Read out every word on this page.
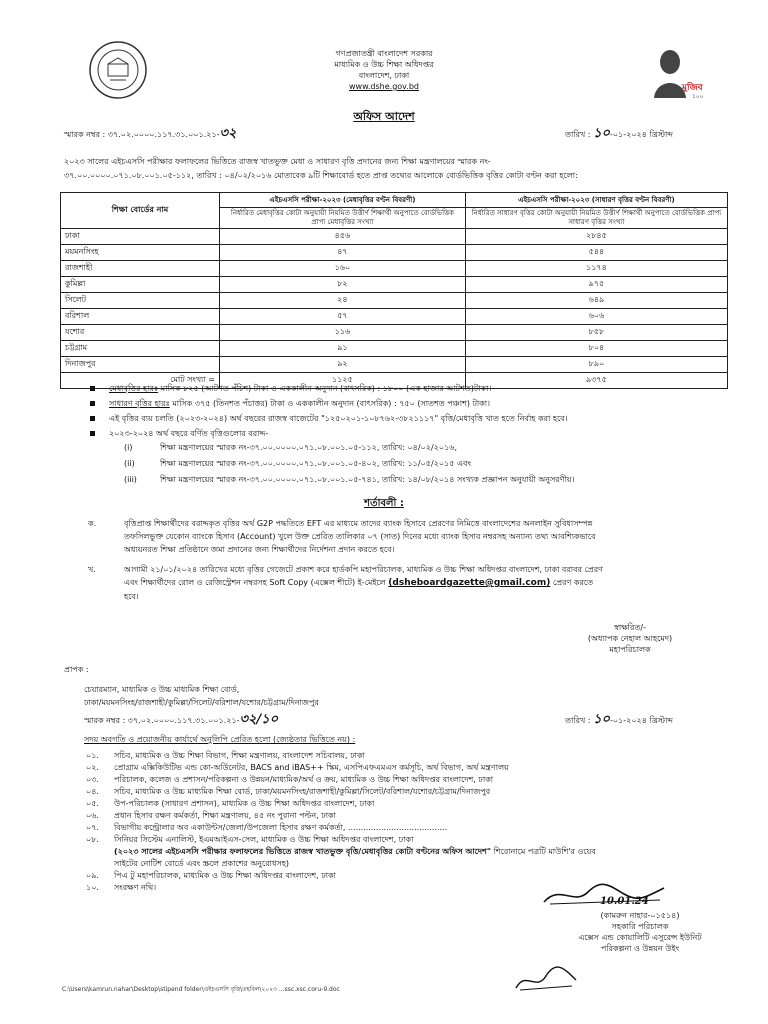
গণপ্রজাতন্ত্রী বাংলাদেশ সরকার
মাধ্যমিক ও উচ্চ শিক্ষা অধিদপ্তর
বাংলাদেশ, ঢাকা
www.dshe.gov.bd	মুজিব
১০০
অফিস আদেশ
স্মারক নম্বর : ৩৭.০২.০০০০.১১৭.৩১.০০১.২১-৩২	তারিখ : ১০-০১-২০২৪ খ্রিস্টাব্দ
২০২৩ সালের এইচএসসি পরীক্ষার ফলাফলের ভিত্তিতে রাজস্ব খাতভুক্ত মেধা ও সাধারণ বৃত্তি প্রদানের জন্য শিক্ষা মন্ত্রণালয়ের স্মারক নং-
৩৭.০০.০০০০.০৭১.০৮.০০১.০৫-১১২, তারিখ : ০৪/০২/২০১৬ মোতাবেক ৯টি শিক্ষাবোর্ড হতে প্রাপ্ত তথ্যের আলোকে বোর্ডভিত্তিক বৃত্তির কোটা বণ্টন করা হলো:
শিক্ষা বোর্ডের নাম	এইচএসসি পরীক্ষা-২০২৩ (মেধাবৃত্তির বণ্টন বিবরণী)	এইচএসসি পরীক্ষা-২০২৩ (সাধারণ বৃত্তির বণ্টন বিবরণী)
	নির্ধারিত মেধাবৃত্তির কোটা অনুযায়ী নিয়মিত উত্তীর্ণ শিক্ষার্থী অনুপাতে বোর্ডভিত্তিক প্রাপ্য মেধাবৃত্তির সংখ্যা	নির্ধারিত সাধারণ বৃত্তির কোটা অনুযায়ী নিয়মিত উত্তীর্ণ শিক্ষার্থী অনুপাতে বোর্ডভিত্তিক প্রাপ্য সাধারণ বৃত্তির সংখ্যা
ঢাকা	৪৫৬	২৮৪৫
ময়মনসিংহ	৪৭	৫৪৪
রাজশাহী	১৬০	১১৭৪
কুমিল্লা	৮২	৯৭৫
সিলেট	২৪	৬৪৯
বরিশাল	৫৭	৬০৬
যশোর	১১৬	৮৫৮
চট্টগ্রাম	৯১	৮০৪
দিনাজপুর	৯২	৮৯০
মোট সংখ্যা =	১১২৫	৯৩৭৫
মেধাবৃত্তির হারঃ মাসিক ৮২৫ (আটশত পঁচিশ) টাকা ও এককালীন অনুদান (বাৎসরিক) : ১৮০০ (এক হাজার আটশত)টাকা।
সাধারণ বৃত্তির হারঃ মাসিক ৩৭৫ (তিনশত পঁচাত্তর) টাকা ও এককালীন অনুদান (বাৎসরিক) : ৭৫০ (সাতশত পঞ্চাশ) টাকা।
এই বৃত্তির ব্যয় চলতি (২০২৩-২০২৪) অর্থ বছরের রাজস্ব বাজেটের "১২৫০২০১-১০৮৭৬২-৩৮২১১১৭" বৃত্তি/মেধাবৃত্তি খাত হতে নির্বাহ করা হবে।
২০২৩-২০২৪ অর্থ বছরে বর্ণিত বৃত্তিগুলোর বরাদ্দ-
(i)	শিক্ষা মন্ত্রণালয়ের স্মারক নং-৩৭.০০.০০০০.০৭১.০৮.০০১.০৫-১১২, তারিখ: ০৪/০২/২০১৬,
(ii)	শিক্ষা মন্ত্রণালয়ের স্মারক নং-৩৭.০০.০০০০.০৭১.০৮.০০১.০৫-৪০২, তারিখ: ১১/০৫/২০১৫ এবং
(iii)	শিক্ষা মন্ত্রণালয়ের স্মারক নং-৩৭.০০.০০০০.০৭১.০৮.০০১.০৫-৭৪১, তারিখ: ১৪/০৮/২০১৪ সংখ্যক প্রজ্ঞাপন অনুযায়ী অনুসরণীয়।
শর্তাবলী :
ক.	বৃত্তিপ্রাপ্ত শিক্ষার্থীদের বরাদ্দকৃত বৃত্তির অর্থ G2P পদ্ধতিতে EFT এর মাধ্যমে তাদের ব্যাংক হিসাবে প্রেরণের নিমিত্তে বাংলাদেশের অনলাইন সুবিধাসম্পন্ন
তফসিলভুক্ত যেকোন ব্যাংকে হিসাব (Account) খুলে উক্ত প্রেরিত তালিকার ০৭ (সাত) দিনের মধ্যে ব্যাংক হিসাব নম্বরসহ অন্যান্য তথ্য আবশ্যিকভাবে
অধ্যয়নরত শিক্ষা প্রতিষ্ঠানে জমা প্রদানের জন্য শিক্ষার্থীদের নির্দেশনা প্রদান করতে হবে।
খ.	আগামী ২১/০১/২০২৪ তারিখের মধ্যে বৃত্তির গেজেটে প্রকাশ করে হার্ডকপি মহাপরিচালক, মাধ্যমিক ও উচ্চ শিক্ষা অধিদপ্তর বাংলাদেশ, ঢাকা বরাবর প্রেরণ
এবং শিক্ষার্থীদের রোল ও রেজিস্ট্রেশন নম্বরসহ Soft Copy (এক্সেল শীটে) ই-মেইলে (dsheboardgazette@gmail.com) প্রেরণ করতে
হবে।
স্বাক্ষরিত/-
(অধ্যাপক নেহাল আহমেদ)
মহাপরিচালক
প্রাপক :
চেয়ারম্যান, মাধ্যমিক ও উচ্চ মাধ্যমিক শিক্ষা বোর্ড,
ঢাকা/ময়মনসিংহ/রাজশাহী/কুমিল্লা/সিলেট/বরিশাল/যশোর/চট্টগ্রাম/দিনাজপুর
স্মারক নম্বর : ৩৭.০২.০০০০.১১৭.৩১.০০১.২১-৩২/১০	তারিখ : ১০-০১-২০২৪ খ্রিস্টাব্দ
সদয় অবগতি ও প্রয়োজনীয় কার্যার্থে অনুলিপি প্রেরিত হলো (জ্যেষ্ঠতার ভিত্তিতে নয়) :
০১. সচিব, মাধ্যমিক ও উচ্চ শিক্ষা বিভাগ, শিক্ষা মন্ত্রণালয়, বাংলাদেশ সচিবালয়, ঢাকা
০২. প্রোগ্রাম এক্সিকিউটিভ এন্ড কো-অর্ডিনেটর, BACS and iBAS++ স্কিম, এসপিএফএমএস কর্মসূচি, অর্থ বিভাগ, অর্থ মন্ত্রণালয়
০৩. পরিচালক, কলেজ ও প্রশাসন/পরিকল্পনা ও উন্নয়ন/মাধ্যমিক/অর্থ ও ক্রয়, মাধ্যমিক ও উচ্চ শিক্ষা অধিদপ্তর বাংলাদেশ, ঢাকা
০৪. সচিব, মাধ্যমিক ও উচ্চ মাধ্যমিক শিক্ষা বোর্ড, ঢাকা/ময়মনসিংহ/রাজশাহী/কুমিল্লা/সিলেট/বরিশাল/যশোর/চট্টগ্রাম/দিনাজপুর
০৫. উপ-পরিচালক (সাধারণ প্রশাসন), মাধ্যমিক ও উচ্চ শিক্ষা অধিদপ্তর বাংলাদেশ, ঢাকা
০৬. প্রধান হিসাব রক্ষণ কর্মকর্তা, শিক্ষা মন্ত্রণালয়, ৪৫ নং পুরানা পল্টন, ঢাকা
০৭. বিভাগীয় কন্ট্রোলার অব একাউন্টস/জেলা/উপজেলা হিসাব রক্ষণ কর্মকর্তা, .......................................
০৮. সিনিয়র সিস্টেম এনালিস্ট, ইএমআইএস-সেল, মাধ্যমিক ও উচ্চ শিক্ষা অধিদপ্তর বাংলাদেশ, ঢাকা
(২০২৩ সালের এইচএসসি পরীক্ষার ফলাফলের ভিত্তিতে রাজস্ব খাতভুক্ত বৃত্তি/মেধাবৃত্তির কোটা বণ্টনের অফিস আদেশ" শিরোনামে পত্রটি মাউশি'র ওয়েব
সাইটের নোটিশ বোর্ডে এবং স্ক্রলে প্রকাশের অনুরোধসহ)
০৯. পিএ টু মহাপরিচালক, মাধ্যমিক ও উচ্চ শিক্ষা অধিদপ্তর বাংলাদেশ, ঢাকা
১০. সংরক্ষণ নথি।
10.01.24
(কামরুন নাহার-০১৫১৪)
সহকারি পরিচালক
এক্সেস এন্ড কোয়ালিটি এসুরেন্স ইউনিট
পরিকল্পনা ও উন্নয়ন উইং
C:\Users\kamrun.nahar\Desktop\stipend folder\এইচএসসি বৃত্তি\তহবিল\২০২৩ ...ssc.xsc.coru-9.doc
